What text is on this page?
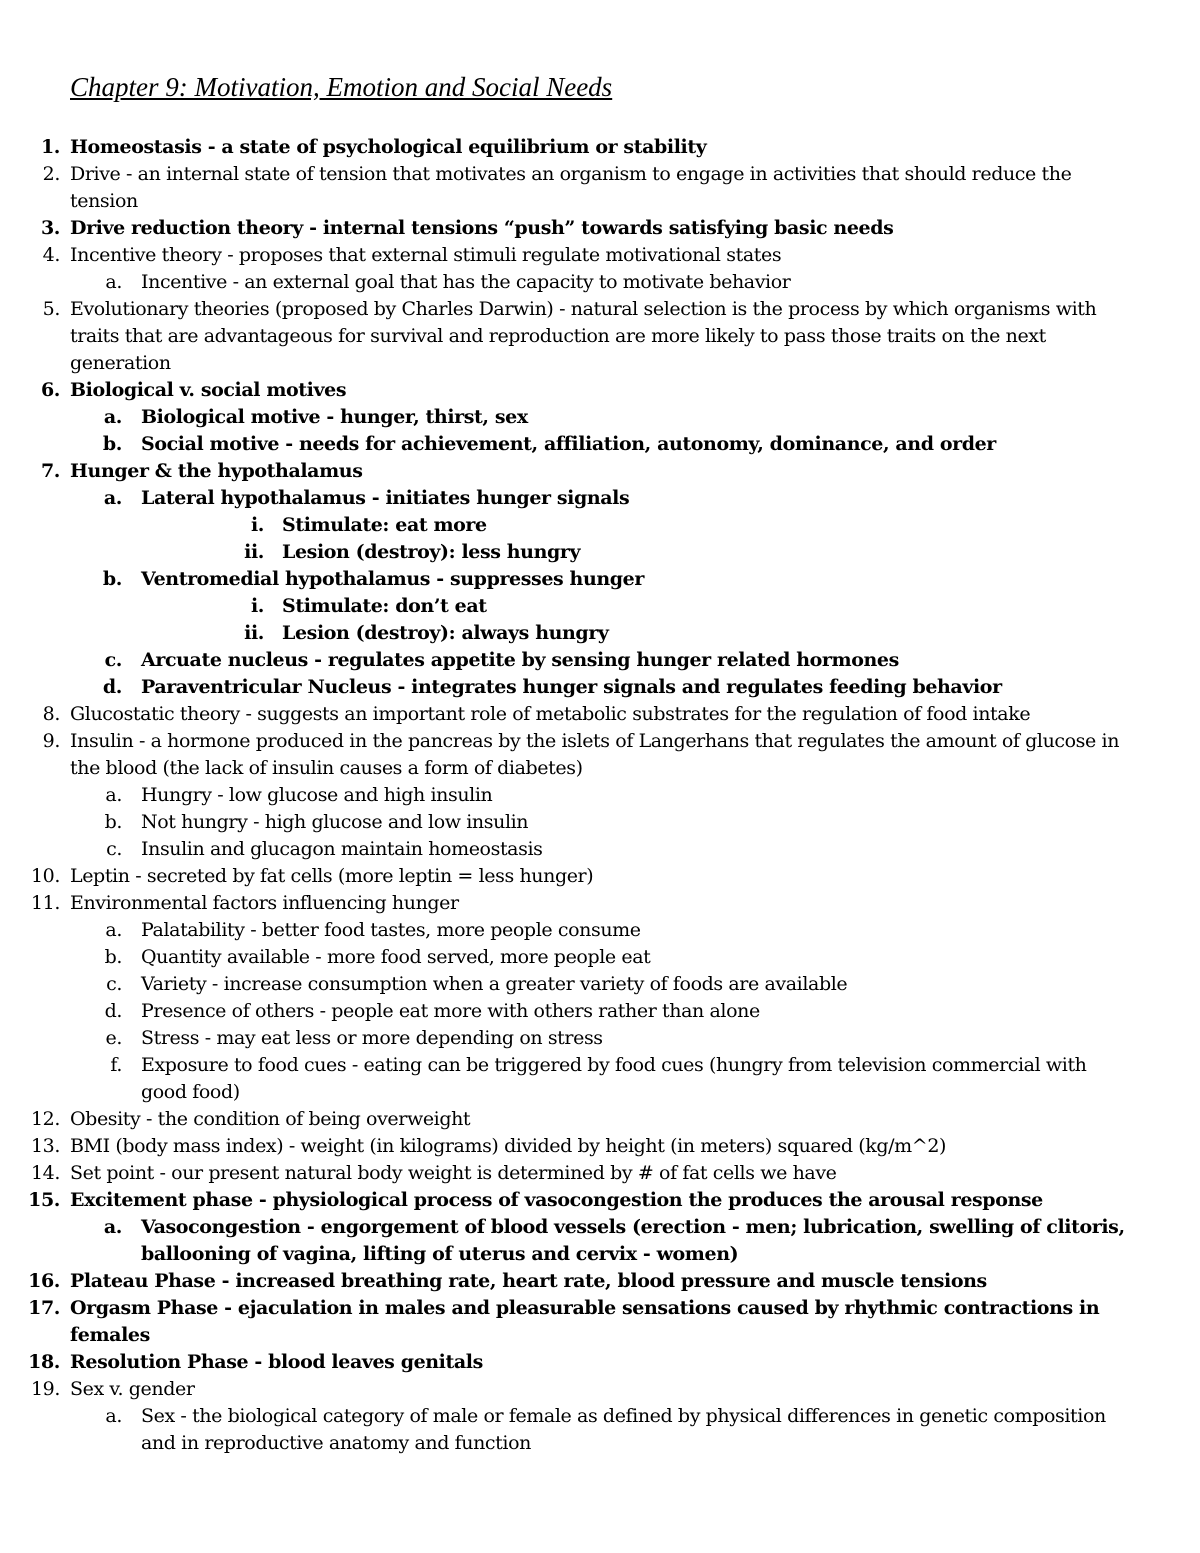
Chapter 9: Motivation, Emotion and Social Needs
1. Homeostasis - a state of psychological equilibrium or stability
2. Drive - an internal state of tension that motivates an organism to engage in activities that should reduce the
tension
3. Drive reduction theory - internal tensions “push” towards satisfying basic needs
4. Incentive theory - proposes that external stimuli regulate motivational states
a. Incentive - an external goal that has the capacity to motivate behavior
5. Evolutionary theories (proposed by Charles Darwin) - natural selection is the process by which organisms with
traits that are advantageous for survival and reproduction are more likely to pass those traits on the next
generation
6. Biological v. social motives
a. Biological motive - hunger, thirst, sex
b. Social motive - needs for achievement, affiliation, autonomy, dominance, and order
7. Hunger & the hypothalamus
a. Lateral hypothalamus - initiates hunger signals
i. Stimulate: eat more
ii. Lesion (destroy): less hungry
b. Ventromedial hypothalamus - suppresses hunger
i. Stimulate: don’t eat
ii. Lesion (destroy): always hungry
c. Arcuate nucleus - regulates appetite by sensing hunger related hormones
d. Paraventricular Nucleus - integrates hunger signals and regulates feeding behavior
8. Glucostatic theory - suggests an important role of metabolic substrates for the regulation of food intake
9. Insulin - a hormone produced in the pancreas by the islets of Langerhans that regulates the amount of glucose in
the blood (the lack of insulin causes a form of diabetes)
a. Hungry - low glucose and high insulin
b. Not hungry - high glucose and low insulin
c. Insulin and glucagon maintain homeostasis
10. Leptin - secreted by fat cells (more leptin = less hunger)
11. Environmental factors influencing hunger
a. Palatability - better food tastes, more people consume
b. Quantity available - more food served, more people eat
c. Variety - increase consumption when a greater variety of foods are available
d. Presence of others - people eat more with others rather than alone
e. Stress - may eat less or more depending on stress
f. Exposure to food cues - eating can be triggered by food cues (hungry from television commercial with
good food)
12. Obesity - the condition of being overweight
13. BMI (body mass index) - weight (in kilograms) divided by height (in meters) squared (kg/m^2)
14. Set point - our present natural body weight is determined by # of fat cells we have
15. Excitement phase - physiological process of vasocongestion the produces the arousal response
a. Vasocongestion - engorgement of blood vessels (erection - men; lubrication, swelling of clitoris,
ballooning of vagina, lifting of uterus and cervix - women)
16. Plateau Phase - increased breathing rate, heart rate, blood pressure and muscle tensions
17. Orgasm Phase - ejaculation in males and pleasurable sensations caused by rhythmic contractions in
females
18. Resolution Phase - blood leaves genitals
19. Sex v. gender
a. Sex - the biological category of male or female as defined by physical differences in genetic composition
and in reproductive anatomy and function
